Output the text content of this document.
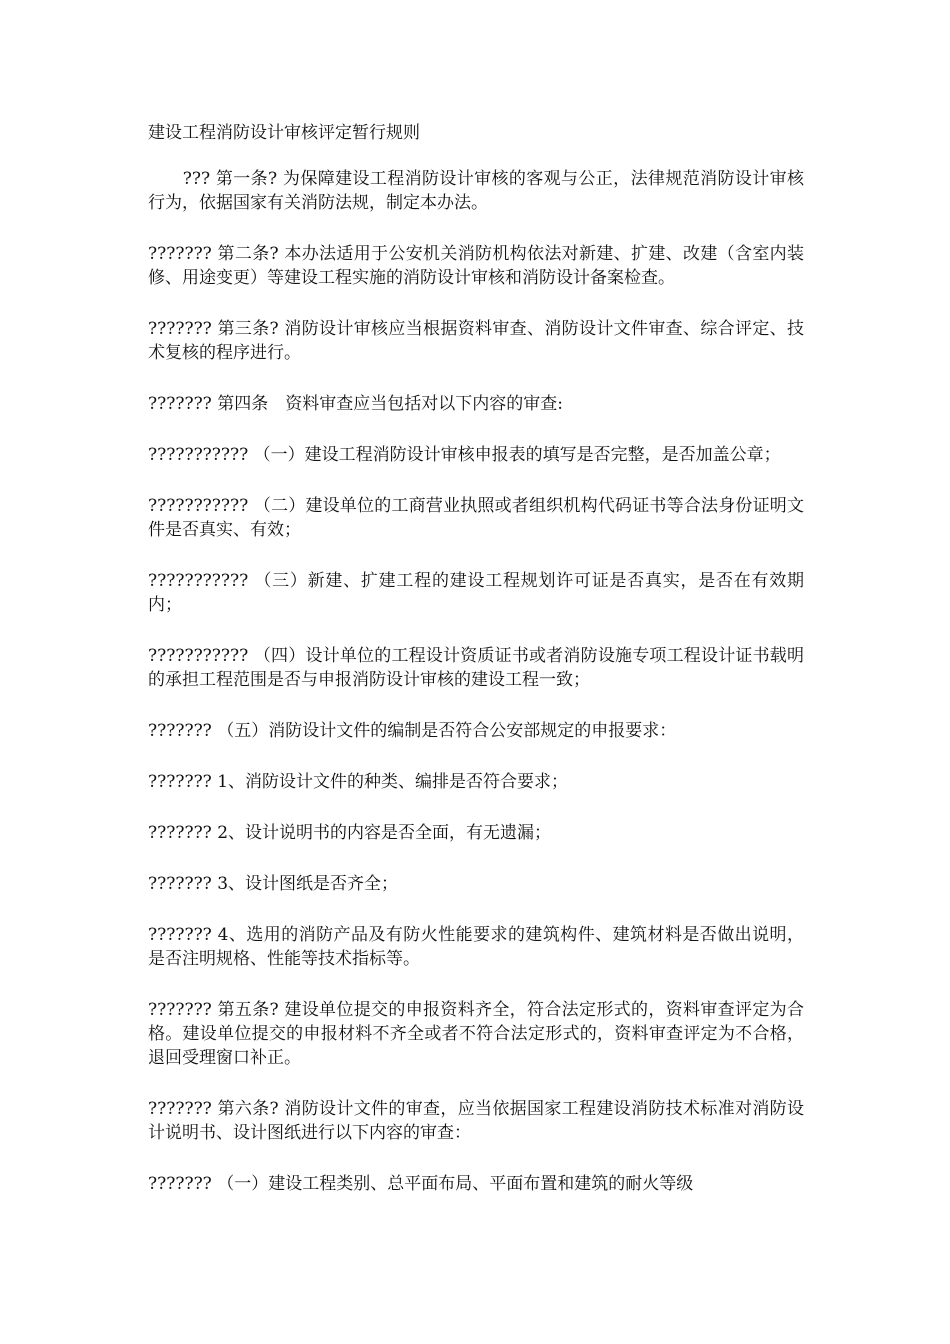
建设工程消防设计审核评定暂行规则

　　??? 第一条? 为保障建设工程消防设计审核的客观与公正，法律规范消防设计审核行为，依据国家有关消防法规，制定本办法。

??????? 第二条? 本办法适用于公安机关消防机构依法对新建、扩建、改建（含室内装修、用途变更）等建设工程实施的消防设计审核和消防设计备案检查。

??????? 第三条? 消防设计审核应当根据资料审查、消防设计文件审查、综合评定、技术复核的程序进行。

??????? 第四条　资料审查应当包括对以下内容的审查:

??????????? （一）建设工程消防设计审核申报表的填写是否完整，是否加盖公章；

??????????? （二）建设单位的工商营业执照或者组织机构代码证书等合法身份证明文件是否真实、有效；

??????????? （三）新建、扩建工程的建设工程规划许可证是否真实，是否在有效期内；

??????????? （四）设计单位的工程设计资质证书或者消防设施专项工程设计证书载明的承担工程范围是否与申报消防设计审核的建设工程一致；

??????? （五）消防设计文件的编制是否符合公安部规定的申报要求：

??????? 1、消防设计文件的种类、编排是否符合要求；

??????? 2、设计说明书的内容是否全面，有无遗漏；

??????? 3、设计图纸是否齐全；

??????? 4、选用的消防产品及有防火性能要求的建筑构件、建筑材料是否做出说明，是否注明规格、性能等技术指标等。

??????? 第五条? 建设单位提交的申报资料齐全，符合法定形式的，资料审查评定为合格。建设单位提交的申报材料不齐全或者不符合法定形式的，资料审查评定为不合格，退回受理窗口补正。

??????? 第六条? 消防设计文件的审查，应当依据国家工程建设消防技术标准对消防设计说明书、设计图纸进行以下内容的审查：

??????? （一）建设工程类别、总平面布局、平面布置和建筑的耐火等级
